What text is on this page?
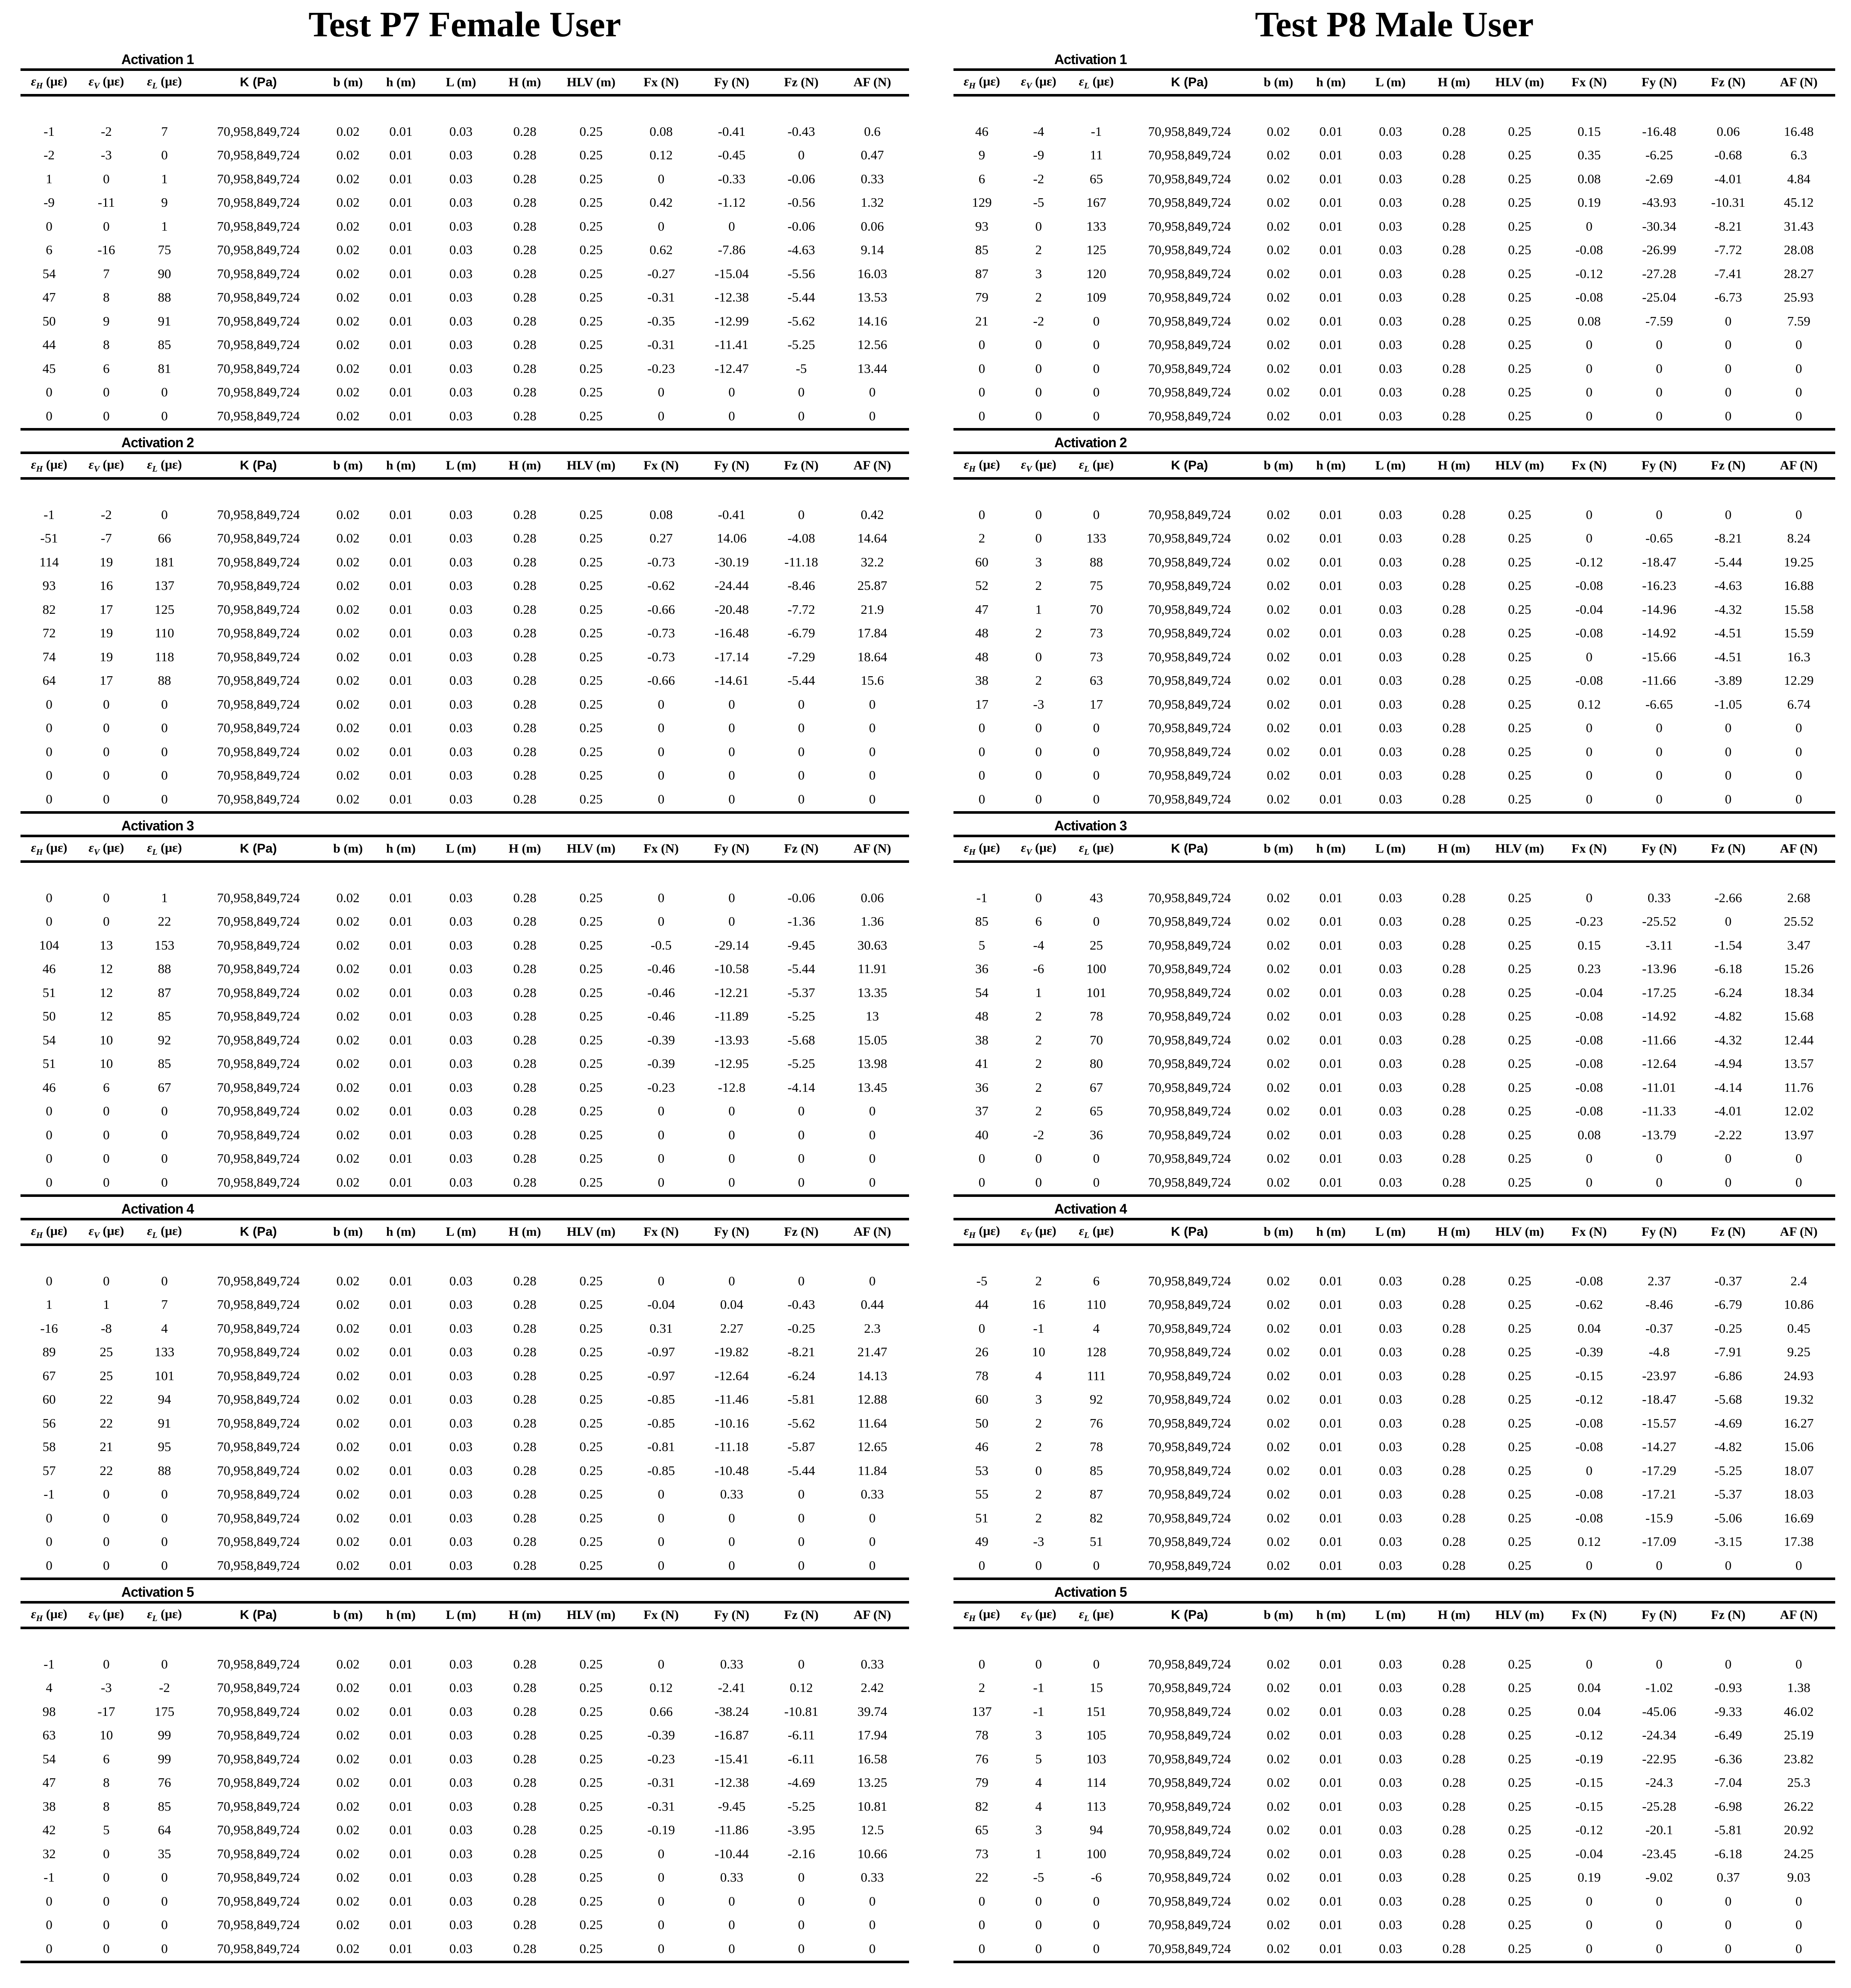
Test P7 Female User
Activation 1
$\varepsilon_H$ (με)	$\varepsilon_V$ (με)	$\varepsilon_L$ (με)	K (Pa)	b (m)	h (m)	L (m)	H (m)	HLV (m)	Fx (N)	Fy (N)	Fz (N)	AF (N)

-1	-2	7	70,958,849,724	0.02	0.01	0.03	0.28	0.25	0.08	-0.41	-0.43	0.6
-2	-3	0	70,958,849,724	0.02	0.01	0.03	0.28	0.25	0.12	-0.45	0	0.47
1	0	1	70,958,849,724	0.02	0.01	0.03	0.28	0.25	0	-0.33	-0.06	0.33
-9	-11	9	70,958,849,724	0.02	0.01	0.03	0.28	0.25	0.42	-1.12	-0.56	1.32
0	0	1	70,958,849,724	0.02	0.01	0.03	0.28	0.25	0	0	-0.06	0.06
6	-16	75	70,958,849,724	0.02	0.01	0.03	0.28	0.25	0.62	-7.86	-4.63	9.14
54	7	90	70,958,849,724	0.02	0.01	0.03	0.28	0.25	-0.27	-15.04	-5.56	16.03
47	8	88	70,958,849,724	0.02	0.01	0.03	0.28	0.25	-0.31	-12.38	-5.44	13.53
50	9	91	70,958,849,724	0.02	0.01	0.03	0.28	0.25	-0.35	-12.99	-5.62	14.16
44	8	85	70,958,849,724	0.02	0.01	0.03	0.28	0.25	-0.31	-11.41	-5.25	12.56
45	6	81	70,958,849,724	0.02	0.01	0.03	0.28	0.25	-0.23	-12.47	-5	13.44
0	0	0	70,958,849,724	0.02	0.01	0.03	0.28	0.25	0	0	0	0
0	0	0	70,958,849,724	0.02	0.01	0.03	0.28	0.25	0	0	0	0
Activation 2
$\varepsilon_H$ (με)	$\varepsilon_V$ (με)	$\varepsilon_L$ (με)	K (Pa)	b (m)	h (m)	L (m)	H (m)	HLV (m)	Fx (N)	Fy (N)	Fz (N)	AF (N)

-1	-2	0	70,958,849,724	0.02	0.01	0.03	0.28	0.25	0.08	-0.41	0	0.42
-51	-7	66	70,958,849,724	0.02	0.01	0.03	0.28	0.25	0.27	14.06	-4.08	14.64
114	19	181	70,958,849,724	0.02	0.01	0.03	0.28	0.25	-0.73	-30.19	-11.18	32.2
93	16	137	70,958,849,724	0.02	0.01	0.03	0.28	0.25	-0.62	-24.44	-8.46	25.87
82	17	125	70,958,849,724	0.02	0.01	0.03	0.28	0.25	-0.66	-20.48	-7.72	21.9
72	19	110	70,958,849,724	0.02	0.01	0.03	0.28	0.25	-0.73	-16.48	-6.79	17.84
74	19	118	70,958,849,724	0.02	0.01	0.03	0.28	0.25	-0.73	-17.14	-7.29	18.64
64	17	88	70,958,849,724	0.02	0.01	0.03	0.28	0.25	-0.66	-14.61	-5.44	15.6
0	0	0	70,958,849,724	0.02	0.01	0.03	0.28	0.25	0	0	0	0
0	0	0	70,958,849,724	0.02	0.01	0.03	0.28	0.25	0	0	0	0
0	0	0	70,958,849,724	0.02	0.01	0.03	0.28	0.25	0	0	0	0
0	0	0	70,958,849,724	0.02	0.01	0.03	0.28	0.25	0	0	0	0
0	0	0	70,958,849,724	0.02	0.01	0.03	0.28	0.25	0	0	0	0
Activation 3
$\varepsilon_H$ (με)	$\varepsilon_V$ (με)	$\varepsilon_L$ (με)	K (Pa)	b (m)	h (m)	L (m)	H (m)	HLV (m)	Fx (N)	Fy (N)	Fz (N)	AF (N)

0	0	1	70,958,849,724	0.02	0.01	0.03	0.28	0.25	0	0	-0.06	0.06
0	0	22	70,958,849,724	0.02	0.01	0.03	0.28	0.25	0	0	-1.36	1.36
104	13	153	70,958,849,724	0.02	0.01	0.03	0.28	0.25	-0.5	-29.14	-9.45	30.63
46	12	88	70,958,849,724	0.02	0.01	0.03	0.28	0.25	-0.46	-10.58	-5.44	11.91
51	12	87	70,958,849,724	0.02	0.01	0.03	0.28	0.25	-0.46	-12.21	-5.37	13.35
50	12	85	70,958,849,724	0.02	0.01	0.03	0.28	0.25	-0.46	-11.89	-5.25	13
54	10	92	70,958,849,724	0.02	0.01	0.03	0.28	0.25	-0.39	-13.93	-5.68	15.05
51	10	85	70,958,849,724	0.02	0.01	0.03	0.28	0.25	-0.39	-12.95	-5.25	13.98
46	6	67	70,958,849,724	0.02	0.01	0.03	0.28	0.25	-0.23	-12.8	-4.14	13.45
0	0	0	70,958,849,724	0.02	0.01	0.03	0.28	0.25	0	0	0	0
0	0	0	70,958,849,724	0.02	0.01	0.03	0.28	0.25	0	0	0	0
0	0	0	70,958,849,724	0.02	0.01	0.03	0.28	0.25	0	0	0	0
0	0	0	70,958,849,724	0.02	0.01	0.03	0.28	0.25	0	0	0	0
Activation 4
$\varepsilon_H$ (με)	$\varepsilon_V$ (με)	$\varepsilon_L$ (με)	K (Pa)	b (m)	h (m)	L (m)	H (m)	HLV (m)	Fx (N)	Fy (N)	Fz (N)	AF (N)

0	0	0	70,958,849,724	0.02	0.01	0.03	0.28	0.25	0	0	0	0
1	1	7	70,958,849,724	0.02	0.01	0.03	0.28	0.25	-0.04	0.04	-0.43	0.44
-16	-8	4	70,958,849,724	0.02	0.01	0.03	0.28	0.25	0.31	2.27	-0.25	2.3
89	25	133	70,958,849,724	0.02	0.01	0.03	0.28	0.25	-0.97	-19.82	-8.21	21.47
67	25	101	70,958,849,724	0.02	0.01	0.03	0.28	0.25	-0.97	-12.64	-6.24	14.13
60	22	94	70,958,849,724	0.02	0.01	0.03	0.28	0.25	-0.85	-11.46	-5.81	12.88
56	22	91	70,958,849,724	0.02	0.01	0.03	0.28	0.25	-0.85	-10.16	-5.62	11.64
58	21	95	70,958,849,724	0.02	0.01	0.03	0.28	0.25	-0.81	-11.18	-5.87	12.65
57	22	88	70,958,849,724	0.02	0.01	0.03	0.28	0.25	-0.85	-10.48	-5.44	11.84
-1	0	0	70,958,849,724	0.02	0.01	0.03	0.28	0.25	0	0.33	0	0.33
0	0	0	70,958,849,724	0.02	0.01	0.03	0.28	0.25	0	0	0	0
0	0	0	70,958,849,724	0.02	0.01	0.03	0.28	0.25	0	0	0	0
0	0	0	70,958,849,724	0.02	0.01	0.03	0.28	0.25	0	0	0	0
Activation 5
$\varepsilon_H$ (με)	$\varepsilon_V$ (με)	$\varepsilon_L$ (με)	K (Pa)	b (m)	h (m)	L (m)	H (m)	HLV (m)	Fx (N)	Fy (N)	Fz (N)	AF (N)

-1	0	0	70,958,849,724	0.02	0.01	0.03	0.28	0.25	0	0.33	0	0.33
4	-3	-2	70,958,849,724	0.02	0.01	0.03	0.28	0.25	0.12	-2.41	0.12	2.42
98	-17	175	70,958,849,724	0.02	0.01	0.03	0.28	0.25	0.66	-38.24	-10.81	39.74
63	10	99	70,958,849,724	0.02	0.01	0.03	0.28	0.25	-0.39	-16.87	-6.11	17.94
54	6	99	70,958,849,724	0.02	0.01	0.03	0.28	0.25	-0.23	-15.41	-6.11	16.58
47	8	76	70,958,849,724	0.02	0.01	0.03	0.28	0.25	-0.31	-12.38	-4.69	13.25
38	8	85	70,958,849,724	0.02	0.01	0.03	0.28	0.25	-0.31	-9.45	-5.25	10.81
42	5	64	70,958,849,724	0.02	0.01	0.03	0.28	0.25	-0.19	-11.86	-3.95	12.5
32	0	35	70,958,849,724	0.02	0.01	0.03	0.28	0.25	0	-10.44	-2.16	10.66
-1	0	0	70,958,849,724	0.02	0.01	0.03	0.28	0.25	0	0.33	0	0.33
0	0	0	70,958,849,724	0.02	0.01	0.03	0.28	0.25	0	0	0	0
0	0	0	70,958,849,724	0.02	0.01	0.03	0.28	0.25	0	0	0	0
0	0	0	70,958,849,724	0.02	0.01	0.03	0.28	0.25	0	0	0	0
Test P8 Male User
Activation 1
$\varepsilon_H$ (με)	$\varepsilon_V$ (με)	$\varepsilon_L$ (με)	K (Pa)	b (m)	h (m)	L (m)	H (m)	HLV (m)	Fx (N)	Fy (N)	Fz (N)	AF (N)

46	-4	-1	70,958,849,724	0.02	0.01	0.03	0.28	0.25	0.15	-16.48	0.06	16.48
9	-9	11	70,958,849,724	0.02	0.01	0.03	0.28	0.25	0.35	-6.25	-0.68	6.3
6	-2	65	70,958,849,724	0.02	0.01	0.03	0.28	0.25	0.08	-2.69	-4.01	4.84
129	-5	167	70,958,849,724	0.02	0.01	0.03	0.28	0.25	0.19	-43.93	-10.31	45.12
93	0	133	70,958,849,724	0.02	0.01	0.03	0.28	0.25	0	-30.34	-8.21	31.43
85	2	125	70,958,849,724	0.02	0.01	0.03	0.28	0.25	-0.08	-26.99	-7.72	28.08
87	3	120	70,958,849,724	0.02	0.01	0.03	0.28	0.25	-0.12	-27.28	-7.41	28.27
79	2	109	70,958,849,724	0.02	0.01	0.03	0.28	0.25	-0.08	-25.04	-6.73	25.93
21	-2	0	70,958,849,724	0.02	0.01	0.03	0.28	0.25	0.08	-7.59	0	7.59
0	0	0	70,958,849,724	0.02	0.01	0.03	0.28	0.25	0	0	0	0
0	0	0	70,958,849,724	0.02	0.01	0.03	0.28	0.25	0	0	0	0
0	0	0	70,958,849,724	0.02	0.01	0.03	0.28	0.25	0	0	0	0
0	0	0	70,958,849,724	0.02	0.01	0.03	0.28	0.25	0	0	0	0
Activation 2
$\varepsilon_H$ (με)	$\varepsilon_V$ (με)	$\varepsilon_L$ (με)	K (Pa)	b (m)	h (m)	L (m)	H (m)	HLV (m)	Fx (N)	Fy (N)	Fz (N)	AF (N)

0	0	0	70,958,849,724	0.02	0.01	0.03	0.28	0.25	0	0	0	0
2	0	133	70,958,849,724	0.02	0.01	0.03	0.28	0.25	0	-0.65	-8.21	8.24
60	3	88	70,958,849,724	0.02	0.01	0.03	0.28	0.25	-0.12	-18.47	-5.44	19.25
52	2	75	70,958,849,724	0.02	0.01	0.03	0.28	0.25	-0.08	-16.23	-4.63	16.88
47	1	70	70,958,849,724	0.02	0.01	0.03	0.28	0.25	-0.04	-14.96	-4.32	15.58
48	2	73	70,958,849,724	0.02	0.01	0.03	0.28	0.25	-0.08	-14.92	-4.51	15.59
48	0	73	70,958,849,724	0.02	0.01	0.03	0.28	0.25	0	-15.66	-4.51	16.3
38	2	63	70,958,849,724	0.02	0.01	0.03	0.28	0.25	-0.08	-11.66	-3.89	12.29
17	-3	17	70,958,849,724	0.02	0.01	0.03	0.28	0.25	0.12	-6.65	-1.05	6.74
0	0	0	70,958,849,724	0.02	0.01	0.03	0.28	0.25	0	0	0	0
0	0	0	70,958,849,724	0.02	0.01	0.03	0.28	0.25	0	0	0	0
0	0	0	70,958,849,724	0.02	0.01	0.03	0.28	0.25	0	0	0	0
0	0	0	70,958,849,724	0.02	0.01	0.03	0.28	0.25	0	0	0	0
Activation 3
$\varepsilon_H$ (με)	$\varepsilon_V$ (με)	$\varepsilon_L$ (με)	K (Pa)	b (m)	h (m)	L (m)	H (m)	HLV (m)	Fx (N)	Fy (N)	Fz (N)	AF (N)

-1	0	43	70,958,849,724	0.02	0.01	0.03	0.28	0.25	0	0.33	-2.66	2.68
85	6	0	70,958,849,724	0.02	0.01	0.03	0.28	0.25	-0.23	-25.52	0	25.52
5	-4	25	70,958,849,724	0.02	0.01	0.03	0.28	0.25	0.15	-3.11	-1.54	3.47
36	-6	100	70,958,849,724	0.02	0.01	0.03	0.28	0.25	0.23	-13.96	-6.18	15.26
54	1	101	70,958,849,724	0.02	0.01	0.03	0.28	0.25	-0.04	-17.25	-6.24	18.34
48	2	78	70,958,849,724	0.02	0.01	0.03	0.28	0.25	-0.08	-14.92	-4.82	15.68
38	2	70	70,958,849,724	0.02	0.01	0.03	0.28	0.25	-0.08	-11.66	-4.32	12.44
41	2	80	70,958,849,724	0.02	0.01	0.03	0.28	0.25	-0.08	-12.64	-4.94	13.57
36	2	67	70,958,849,724	0.02	0.01	0.03	0.28	0.25	-0.08	-11.01	-4.14	11.76
37	2	65	70,958,849,724	0.02	0.01	0.03	0.28	0.25	-0.08	-11.33	-4.01	12.02
40	-2	36	70,958,849,724	0.02	0.01	0.03	0.28	0.25	0.08	-13.79	-2.22	13.97
0	0	0	70,958,849,724	0.02	0.01	0.03	0.28	0.25	0	0	0	0
0	0	0	70,958,849,724	0.02	0.01	0.03	0.28	0.25	0	0	0	0
Activation 4
$\varepsilon_H$ (με)	$\varepsilon_V$ (με)	$\varepsilon_L$ (με)	K (Pa)	b (m)	h (m)	L (m)	H (m)	HLV (m)	Fx (N)	Fy (N)	Fz (N)	AF (N)

-5	2	6	70,958,849,724	0.02	0.01	0.03	0.28	0.25	-0.08	2.37	-0.37	2.4
44	16	110	70,958,849,724	0.02	0.01	0.03	0.28	0.25	-0.62	-8.46	-6.79	10.86
0	-1	4	70,958,849,724	0.02	0.01	0.03	0.28	0.25	0.04	-0.37	-0.25	0.45
26	10	128	70,958,849,724	0.02	0.01	0.03	0.28	0.25	-0.39	-4.8	-7.91	9.25
78	4	111	70,958,849,724	0.02	0.01	0.03	0.28	0.25	-0.15	-23.97	-6.86	24.93
60	3	92	70,958,849,724	0.02	0.01	0.03	0.28	0.25	-0.12	-18.47	-5.68	19.32
50	2	76	70,958,849,724	0.02	0.01	0.03	0.28	0.25	-0.08	-15.57	-4.69	16.27
46	2	78	70,958,849,724	0.02	0.01	0.03	0.28	0.25	-0.08	-14.27	-4.82	15.06
53	0	85	70,958,849,724	0.02	0.01	0.03	0.28	0.25	0	-17.29	-5.25	18.07
55	2	87	70,958,849,724	0.02	0.01	0.03	0.28	0.25	-0.08	-17.21	-5.37	18.03
51	2	82	70,958,849,724	0.02	0.01	0.03	0.28	0.25	-0.08	-15.9	-5.06	16.69
49	-3	51	70,958,849,724	0.02	0.01	0.03	0.28	0.25	0.12	-17.09	-3.15	17.38
0	0	0	70,958,849,724	0.02	0.01	0.03	0.28	0.25	0	0	0	0
Activation 5
$\varepsilon_H$ (με)	$\varepsilon_V$ (με)	$\varepsilon_L$ (με)	K (Pa)	b (m)	h (m)	L (m)	H (m)	HLV (m)	Fx (N)	Fy (N)	Fz (N)	AF (N)

0	0	0	70,958,849,724	0.02	0.01	0.03	0.28	0.25	0	0	0	0
2	-1	15	70,958,849,724	0.02	0.01	0.03	0.28	0.25	0.04	-1.02	-0.93	1.38
137	-1	151	70,958,849,724	0.02	0.01	0.03	0.28	0.25	0.04	-45.06	-9.33	46.02
78	3	105	70,958,849,724	0.02	0.01	0.03	0.28	0.25	-0.12	-24.34	-6.49	25.19
76	5	103	70,958,849,724	0.02	0.01	0.03	0.28	0.25	-0.19	-22.95	-6.36	23.82
79	4	114	70,958,849,724	0.02	0.01	0.03	0.28	0.25	-0.15	-24.3	-7.04	25.3
82	4	113	70,958,849,724	0.02	0.01	0.03	0.28	0.25	-0.15	-25.28	-6.98	26.22
65	3	94	70,958,849,724	0.02	0.01	0.03	0.28	0.25	-0.12	-20.1	-5.81	20.92
73	1	100	70,958,849,724	0.02	0.01	0.03	0.28	0.25	-0.04	-23.45	-6.18	24.25
22	-5	-6	70,958,849,724	0.02	0.01	0.03	0.28	0.25	0.19	-9.02	0.37	9.03
0	0	0	70,958,849,724	0.02	0.01	0.03	0.28	0.25	0	0	0	0
0	0	0	70,958,849,724	0.02	0.01	0.03	0.28	0.25	0	0	0	0
0	0	0	70,958,849,724	0.02	0.01	0.03	0.28	0.25	0	0	0	0
